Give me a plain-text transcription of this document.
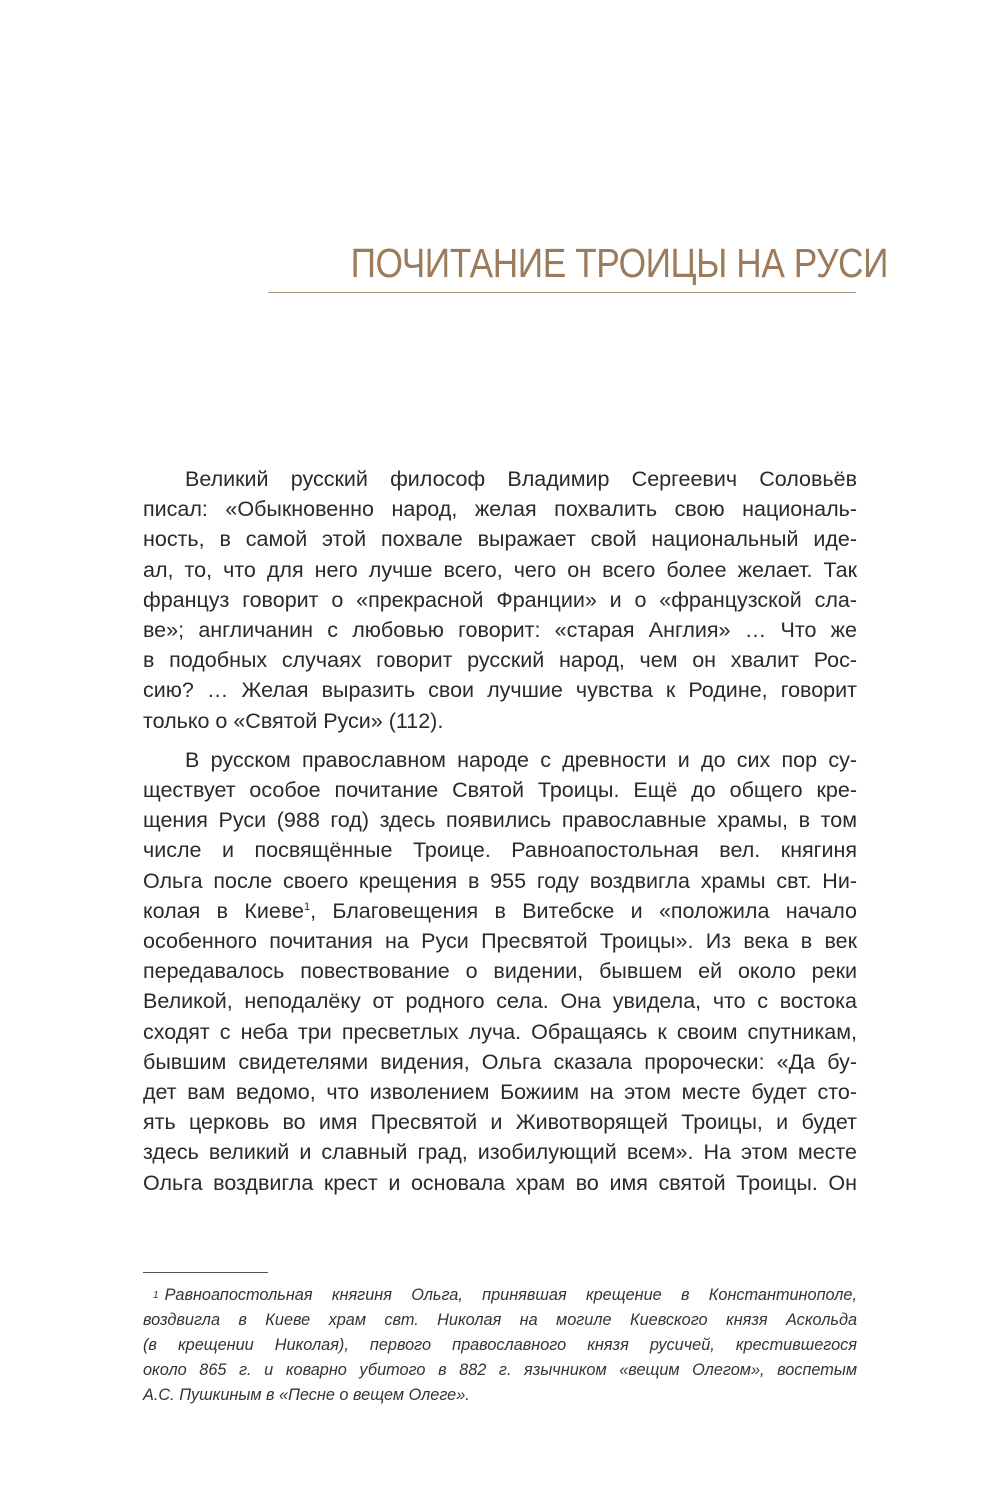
ПОЧИТАНИЕ ТРОИЦЫ НА РУСИ

Великий русский философ Владимир Сергеевич Соловьёв
писал: «Обыкновенно народ, желая похвалить свою националь-
ность, в самой этой похвале выражает свой национальный иде-
ал, то, что для него лучше всего, чего он всего более желает. Так
француз говорит о «прекрасной Франции» и о «французской сла-
ве»; англичанин с любовью говорит: «старая Англия» … Что же
в подобных случаях говорит русский народ, чем он хвалит Рос-
сию? … Желая выразить свои лучшие чувства к Родине, говорит
только о «Святой Руси» (112).

В русском православном народе с древности и до сих пор су-
ществует особое почитание Святой Троицы. Ещё до общего кре-
щения Руси (988 год) здесь появились православные храмы, в том
числе и посвящённые Троице. Равноапостольная вел. княгиня
Ольга после своего крещения в 955 году воздвигла храмы свт. Ни-
колая в Киеве$^1$, Благовещения в Витебске и «положила начало
особенного почитания на Руси Пресвятой Троицы». Из века в век
передавалось повествование о видении, бывшем ей около реки
Великой, неподалёку от родного села. Она увидела, что с востока
сходят с неба три пресветлых луча. Обращаясь к своим спутникам,
бывшим свидетелями видения, Ольга сказала пророчески: «Да бу-
дет вам ведомо, что изволением Божиим на этом месте будет сто-
ять церковь во имя Пресвятой и Животворящей Троицы, и будет
здесь великий и славный град, изобилующий всем». На этом месте
Ольга воздвигла крест и основала храм во имя святой Троицы. Он

$^1$ Равноапостольная княгиня Ольга, принявшая крещение в Константинополе,
воздвигла в Киеве храм свт. Николая на могиле Киевского князя Аскольда
(в крещении Николая), первого православного князя русичей, крестившегося
около 865 г. и коварно убитого в 882 г. язычником «вещим Олегом», воспетым
А.С. Пушкиным в «Песне о вещем Олеге».
